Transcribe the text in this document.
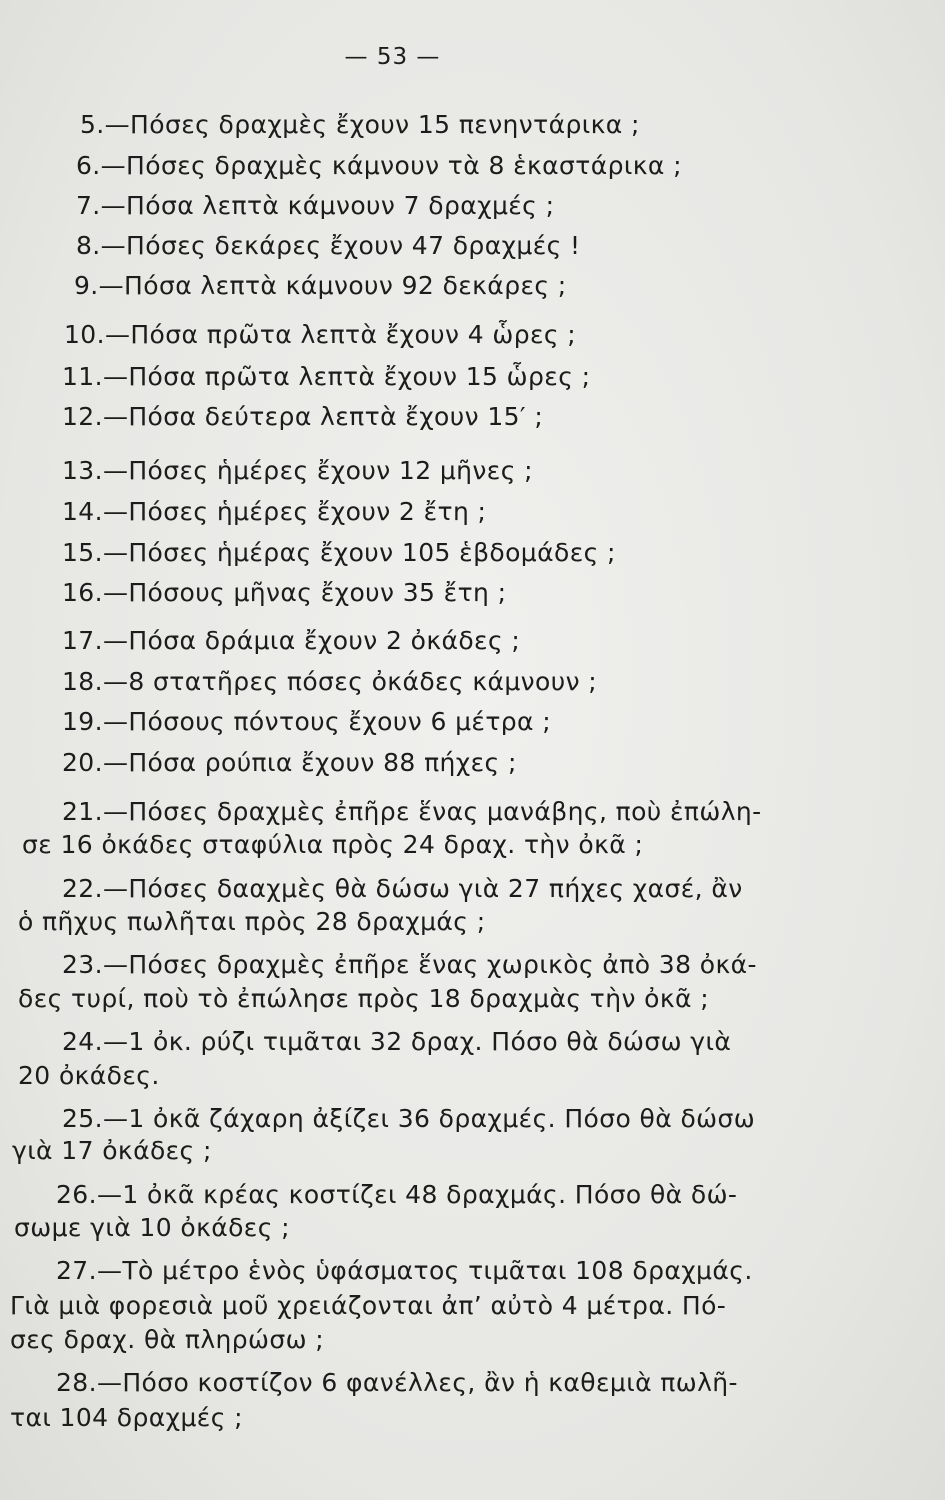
— 53 —
5.—Πόσες δραχμὲς ἔχουν 15 πενηντάρικα ;
6.—Πόσες δραχμὲς κάμνουν τὰ 8 ἑκαστάρικα ;
7.—Πόσα λεπτὰ κάμνουν 7 δραχμές ;
8.—Πόσες δεκάρες ἔχουν 47 δραχμές !
9.—Πόσα λεπτὰ κάμνουν 92 δεκάρες ;
10.—Πόσα πρῶτα λεπτὰ ἔχουν 4 ὧρες ;
11.—Πόσα πρῶτα λεπτὰ ἔχουν 15 ὧρες ;
12.—Πόσα δεύτερα λεπτὰ ἔχουν 15′ ;
13.—Πόσες ἡμέρες ἔχουν 12 μῆνες ;
14.—Πόσες ἡμέρες ἔχουν 2 ἔτη ;
15.—Πόσες ἡμέρας ἔχουν 105 ἑβδομάδες ;
16.—Πόσους μῆνας ἔχουν 35 ἔτη ;
17.—Πόσα δράμια ἔχουν 2 ὀκάδες ;
18.—8 στατῆρες πόσες ὀκάδες κάμνουν ;
19.—Πόσους πόντους ἔχουν 6 μέτρα ;
20.—Πόσα ρούπια ἔχουν 88 πήχες ;
21.—Πόσες δραχμὲς ἐπῆρε ἕνας μανάβης, ποὺ ἐπώλη-
σε 16 ὀκάδες σταφύλια πρὸς 24 δραχ. τὴν ὀκᾶ ;
22.—Πόσες δααχμὲς θὰ δώσω γιὰ 27 πήχες χασέ, ἂν
ὁ πῆχυς πωλῆται πρὸς 28 δραχμάς ;
23.—Πόσες δραχμὲς ἐπῆρε ἕνας χωρικὸς ἀπὸ 38 ὀκά-
δες τυρί, ποὺ τὸ ἐπώλησε πρὸς 18 δραχμὰς τὴν ὀκᾶ ;
24.—1 ὀκ. ρύζι τιμᾶται 32 δραχ. Πόσο θὰ δώσω γιὰ
20 ὀκάδες.
25.—1 ὀκᾶ ζάχαρη ἀξίζει 36 δραχμές. Πόσο θὰ δώσω
γιὰ 17 ὀκάδες ;
26.—1 ὀκᾶ κρέας κοστίζει 48 δραχμάς. Πόσο θὰ δώ-
σωμε γιὰ 10 ὀκάδες ;
27.—Τὸ μέτρο ἑνὸς ὑφάσματος τιμᾶται 108 δραχμάς.
Γιὰ μιὰ φορεσιὰ μοῦ χρειάζονται ἀπ’ αὐτὸ 4 μέτρα. Πό-
σες δραχ. θὰ πληρώσω ;
28.—Πόσο κοστίζον 6 φανέλλες, ἂν ἡ καθεμιὰ πωλῆ-
ται 104 δραχμές ;
